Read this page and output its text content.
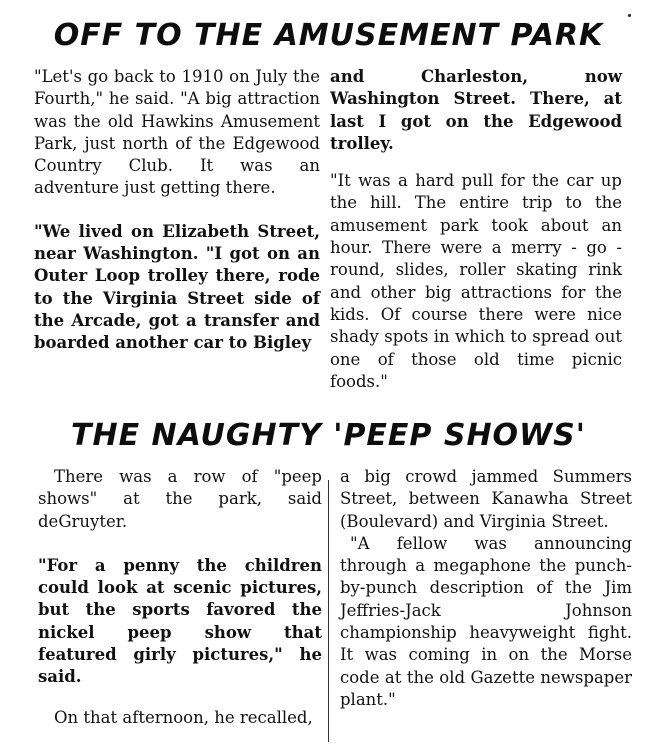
OFF TO THE AMUSEMENT PARK

"Let's go back to 1910 on July the Fourth," he said. "A big attraction was the old Hawkins Amusement Park, just north of the Edgewood Country Club. It was an adventure just getting there.

"We lived on Elizabeth Street, near Washington. "I got on an Outer Loop trolley there, rode to the Virginia Street side of the Arcade, got a transfer and boarded another car to Bigley

and Charleston, now Washington Street. There, at last I got on the Edgewood trolley.

"It was a hard pull for the car up the hill. The entire trip to the amusement park took about an hour. There were a merry - go - round, slides, roller skating rink and other big attractions for the kids. Of course there were nice shady spots in which to spread out one of those old time picnic foods."

THE NAUGHTY 'PEEP SHOWS'

There was a row of "peep shows" at the park, said deGruyter.

"For a penny the children could look at scenic pictures, but the sports favored the nickel peep show that featured girly pictures," he said.

On that afternoon, he recalled,

a big crowd jammed Summers Street, between Kanawha Street (Boulevard) and Virginia Street.

"A fellow was announcing through a megaphone the punch-by-punch description of the Jim Jeffries-Jack Johnson championship heavyweight fight. It was coming in on the Morse code at the old Gazette newspaper plant."
